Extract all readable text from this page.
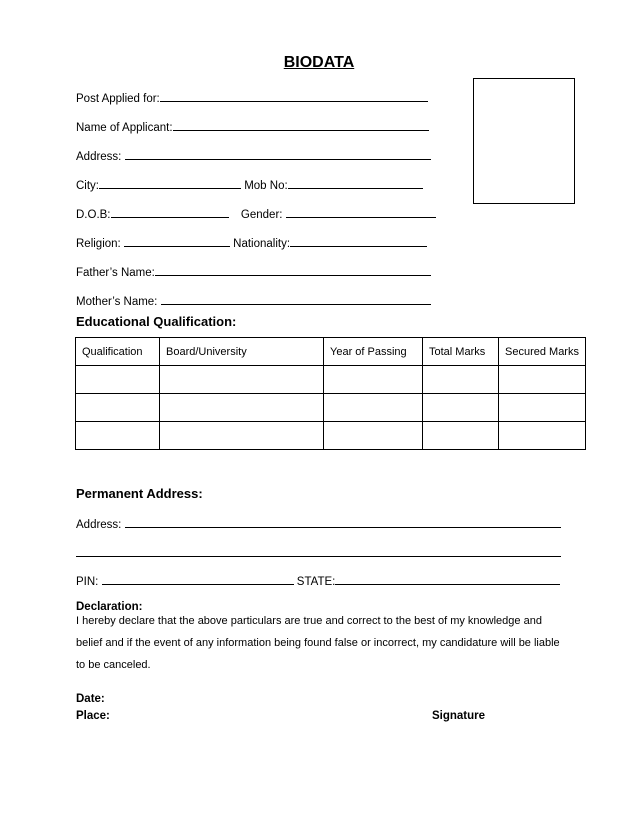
BIODATA
Post Applied for:
Name of Applicant:
Address:
City:	Mob No:
D.O.B:	Gender:
Religion:	Nationality:
Father’s Name:
Mother’s Name:
Educational Qualification:
Qualification	Board/University	Year of Passing	Total Marks	Secured Marks

Permanent Address:
Address:
PIN:	STATE:
Declaration:
I hereby declare that the above particulars are true and correct to the best of my knowledge and belief and if the event of any information being found false or incorrect, my candidature will be liable to be canceled.
Date:
Place:	Signature
